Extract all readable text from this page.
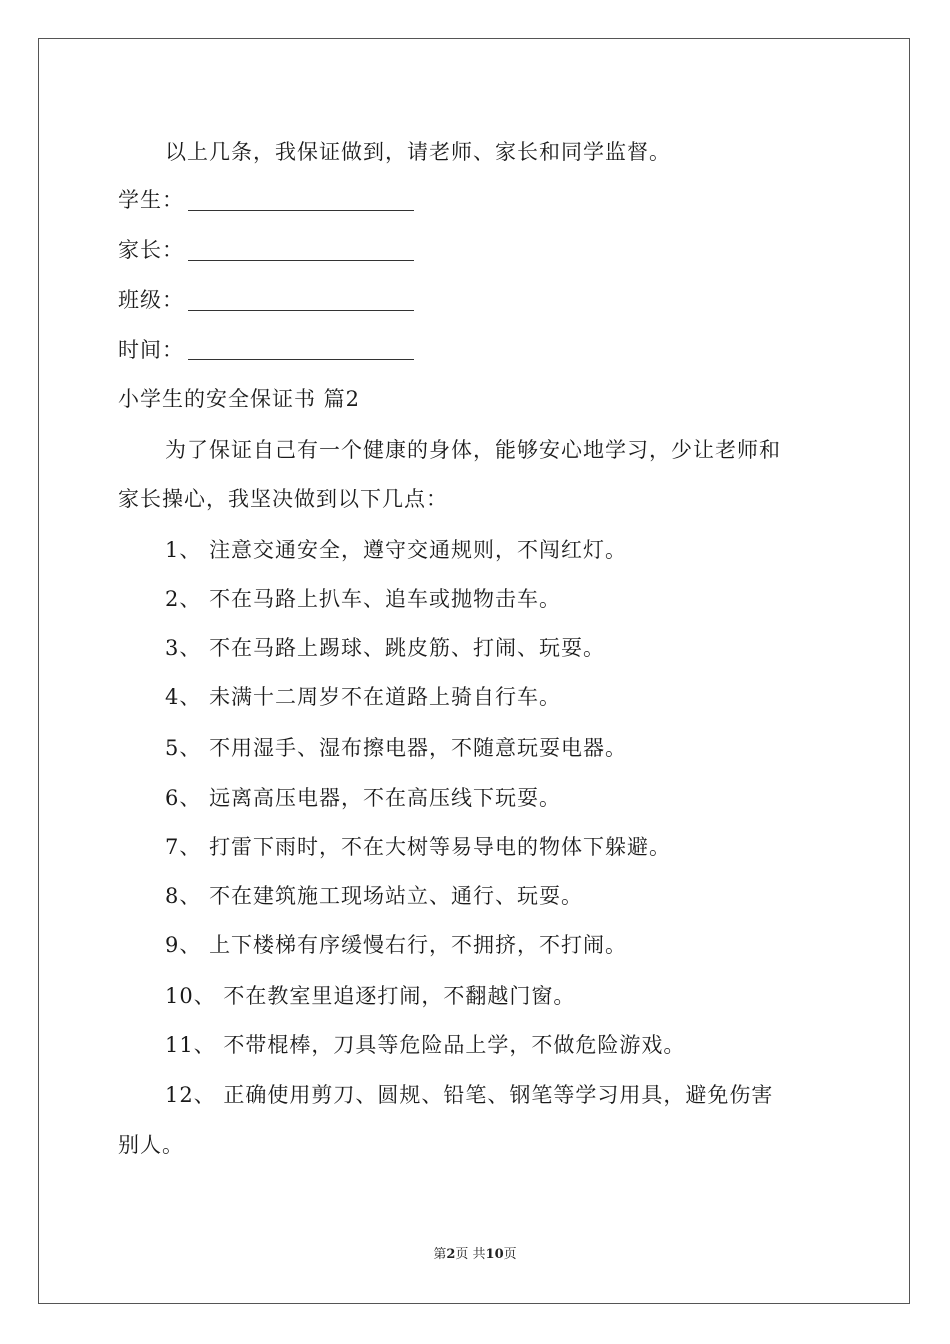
以上几条，我保证做到，请老师、家长和同学监督。
学生：
家长：
班级：
时间：
小学生的安全保证书 篇2
为了保证自己有一个健康的身体，能够安心地学习，少让老师和
家长操心，我坚决做到以下几点：
1、 注意交通安全，遵守交通规则，不闯红灯。
2、 不在马路上扒车、追车或抛物击车。
3、 不在马路上踢球、跳皮筋、打闹、玩耍。
4、 未满十二周岁不在道路上骑自行车。
5、 不用湿手、湿布擦电器，不随意玩耍电器。
6、 远离高压电器，不在高压线下玩耍。
7、 打雷下雨时，不在大树等易导电的物体下躲避。
8、 不在建筑施工现场站立、通行、玩耍。
9、 上下楼梯有序缓慢右行，不拥挤，不打闹。
10、 不在教室里追逐打闹，不翻越门窗。
11、 不带棍棒，刀具等危险品上学，不做危险游戏。
12、 正确使用剪刀、圆规、铅笔、钢笔等学习用具，避免伤害
别人。
第2页 共10页
